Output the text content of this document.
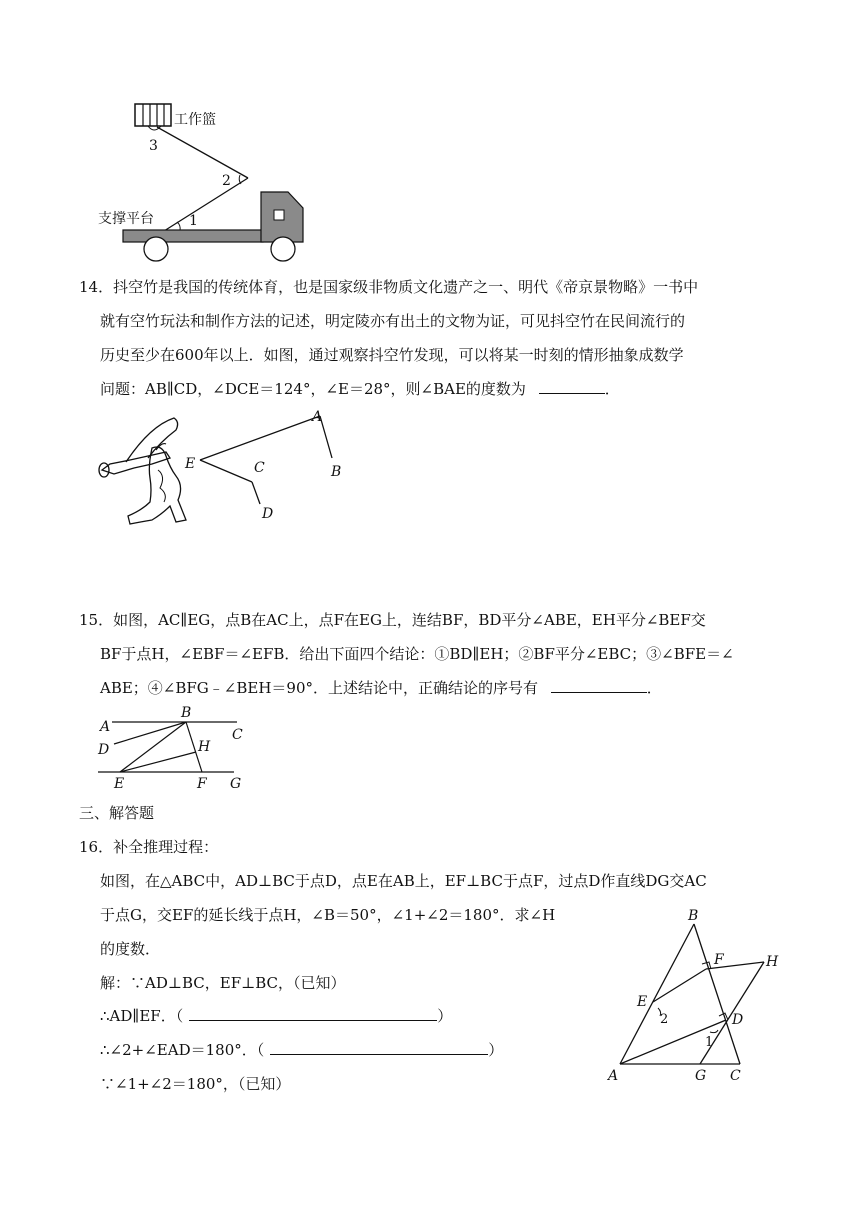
工作篮
3
2
1
支撑平台
14．抖空竹是我国的传统体育，也是国家级非物质文化遗产之一、明代《帝京景物略》一书中
就有空竹玩法和制作方法的记述，明定陵亦有出土的文物为证，可见抖空竹在民间流行的
历史至少在600年以上．如图，通过观察抖空竹发现，可以将某一时刻的情形抽象成数学
问题：AB∥CD，∠DCE＝124°，∠E＝28°，则∠BAE的度数为	．
A
B
C
D
E
15．如图，AC∥EG，点B在AC上，点F在EG上，连结BF，BD平分∠ABE，EH平分∠BEF交
BF于点H，∠EBF＝∠EFB．给出下面四个结论：①BD∥EH；②BF平分∠EBC；③∠BFE＝∠
ABE；④∠BFG﹣∠BEH＝90°．上述结论中，正确结论的序号有	．
A
B
C
D
E	F G
H
三、解答题
16．补全推理过程：
如图，在△ABC中，AD⊥BC于点D，点E在AB上，EF⊥BC于点F，过点D作直线DG交AC
于点G，交EF的延长线于点H，∠B＝50°，∠1+∠2＝180°．求∠H
的度数．
解：∵AD⊥BC，EF⊥BC，（已知）
∴AD∥EF．（	）
∴∠2+∠EAD＝180°．（	）
∵∠1+∠2＝180°，（已知）
B
A	C
D
E
F
G
H
2
1
